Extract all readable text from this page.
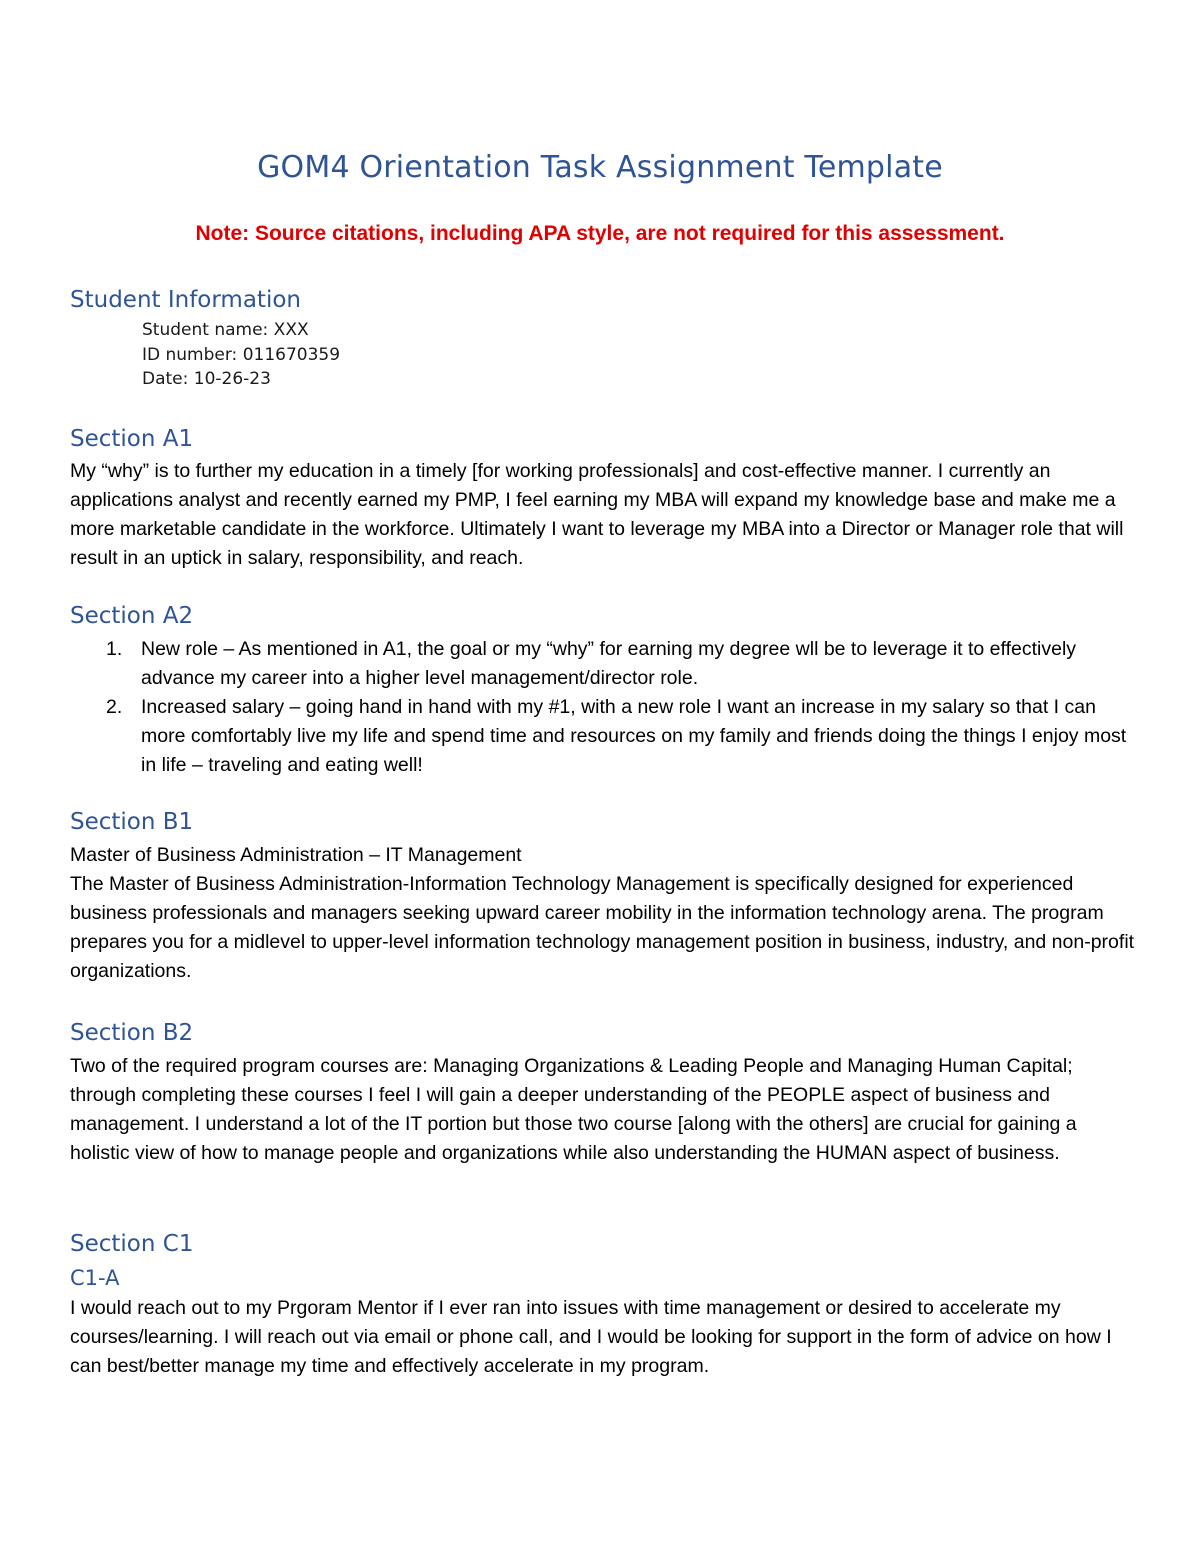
GOM4 Orientation Task Assignment Template

Note: Source citations, including APA style, are not required for this assessment.

Student Information
Student name: XXX
ID number: 011670359
Date: 10-26-23
Section A1

My “why” is to further my education in a timely [for working professionals] and cost-effective manner. I currently an applications analyst and recently earned my PMP, I feel earning my MBA will expand my knowledge base and make me a more marketable candidate in the workforce. Ultimately I want to leverage my MBA into a Director or Manager role that will result in an uptick in salary, responsibility, and reach.

Section A2
1. New role – As mentioned in A1, the goal or my “why” for earning my degree wll be to leverage it to effectively advance my career into a higher level management/director role.
2. Increased salary – going hand in hand with my #1, with a new role I want an increase in my salary so that I can more comfortably live my life and spend time and resources on my family and friends doing the things I enjoy most in life – traveling and eating well!
Section B1

Master of Business Administration – IT Management

The Master of Business Administration-Information Technology Management is specifically designed for experienced business professionals and managers seeking upward career mobility in the information technology arena. The program prepares you for a midlevel to upper-level information technology management position in business, industry, and non-profit organizations.

Section B2

Two of the required program courses are: Managing Organizations & Leading People and Managing Human Capital; through completing these courses I feel I will gain a deeper understanding of the PEOPLE aspect of business and management. I understand a lot of the IT portion but those two course [along with the others] are crucial for gaining a holistic view of how to manage people and organizations while also understanding the HUMAN aspect of business.

Section C1
C1-A

I would reach out to my Prgoram Mentor if I ever ran into issues with time management or desired to accelerate my courses/learning. I will reach out via email or phone call, and I would be looking for support in the form of advice on how I can best/better manage my time and effectively accelerate in my program.
